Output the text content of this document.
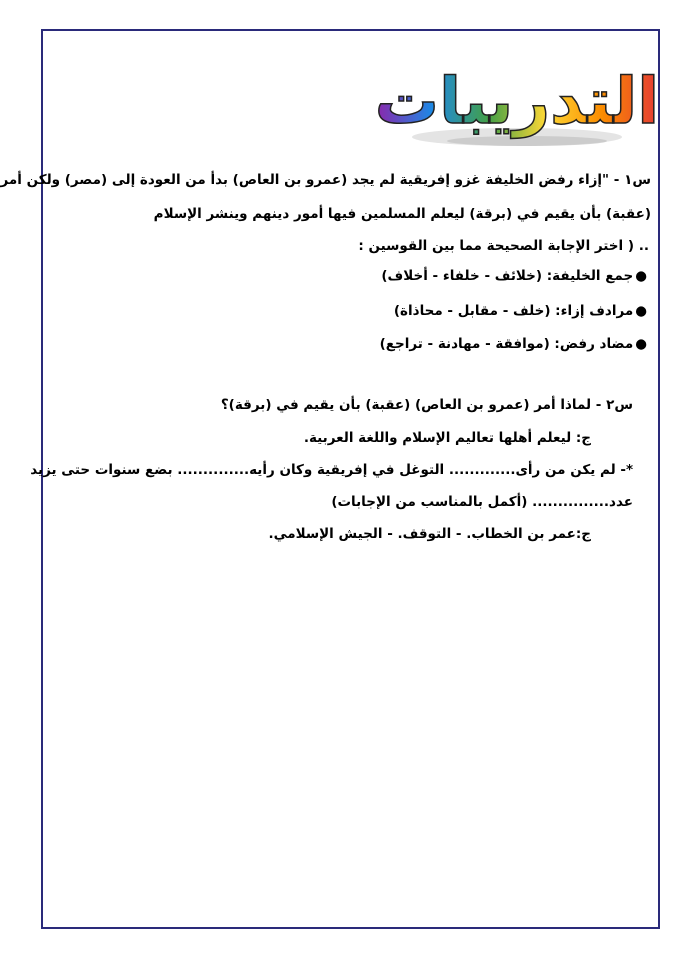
التدريبات
س١ - "إزاء رفض الخليفة غزو إفريقية لم يجد (عمرو بن العاص) بدأ من العودة إلى (مصر) ولكن أمر
(عقبة) بأن يقيم في (برقة) ليعلم المسلمين فيها أمور دينهم وينشر الإسلام
.. ( اختر الإجابة الصحيحة مما بين القوسين :
●جمع الخليفة: (خلائف - خلفاء - أخلاف)
●مرادف إزاء: (خلف - مقابل - محاذاة)
●مضاد رفض: (موافقة - مهادنة - تراجع)
س٢ - لماذا أمر (عمرو بن العاص) (عقبة) بأن يقيم في (برقة)؟
ج: ليعلم أهلها تعاليم الإسلام واللغة العربية.
*- لم يكن من رأى............. التوغل في إفريقية وكان رأيه.............. بضع سنوات حتى يزيد
عدد............... (أكمل بالمناسب من الإجابات)
ج:عمر بن الخطاب. - التوقف. - الجيش الإسلامي.
